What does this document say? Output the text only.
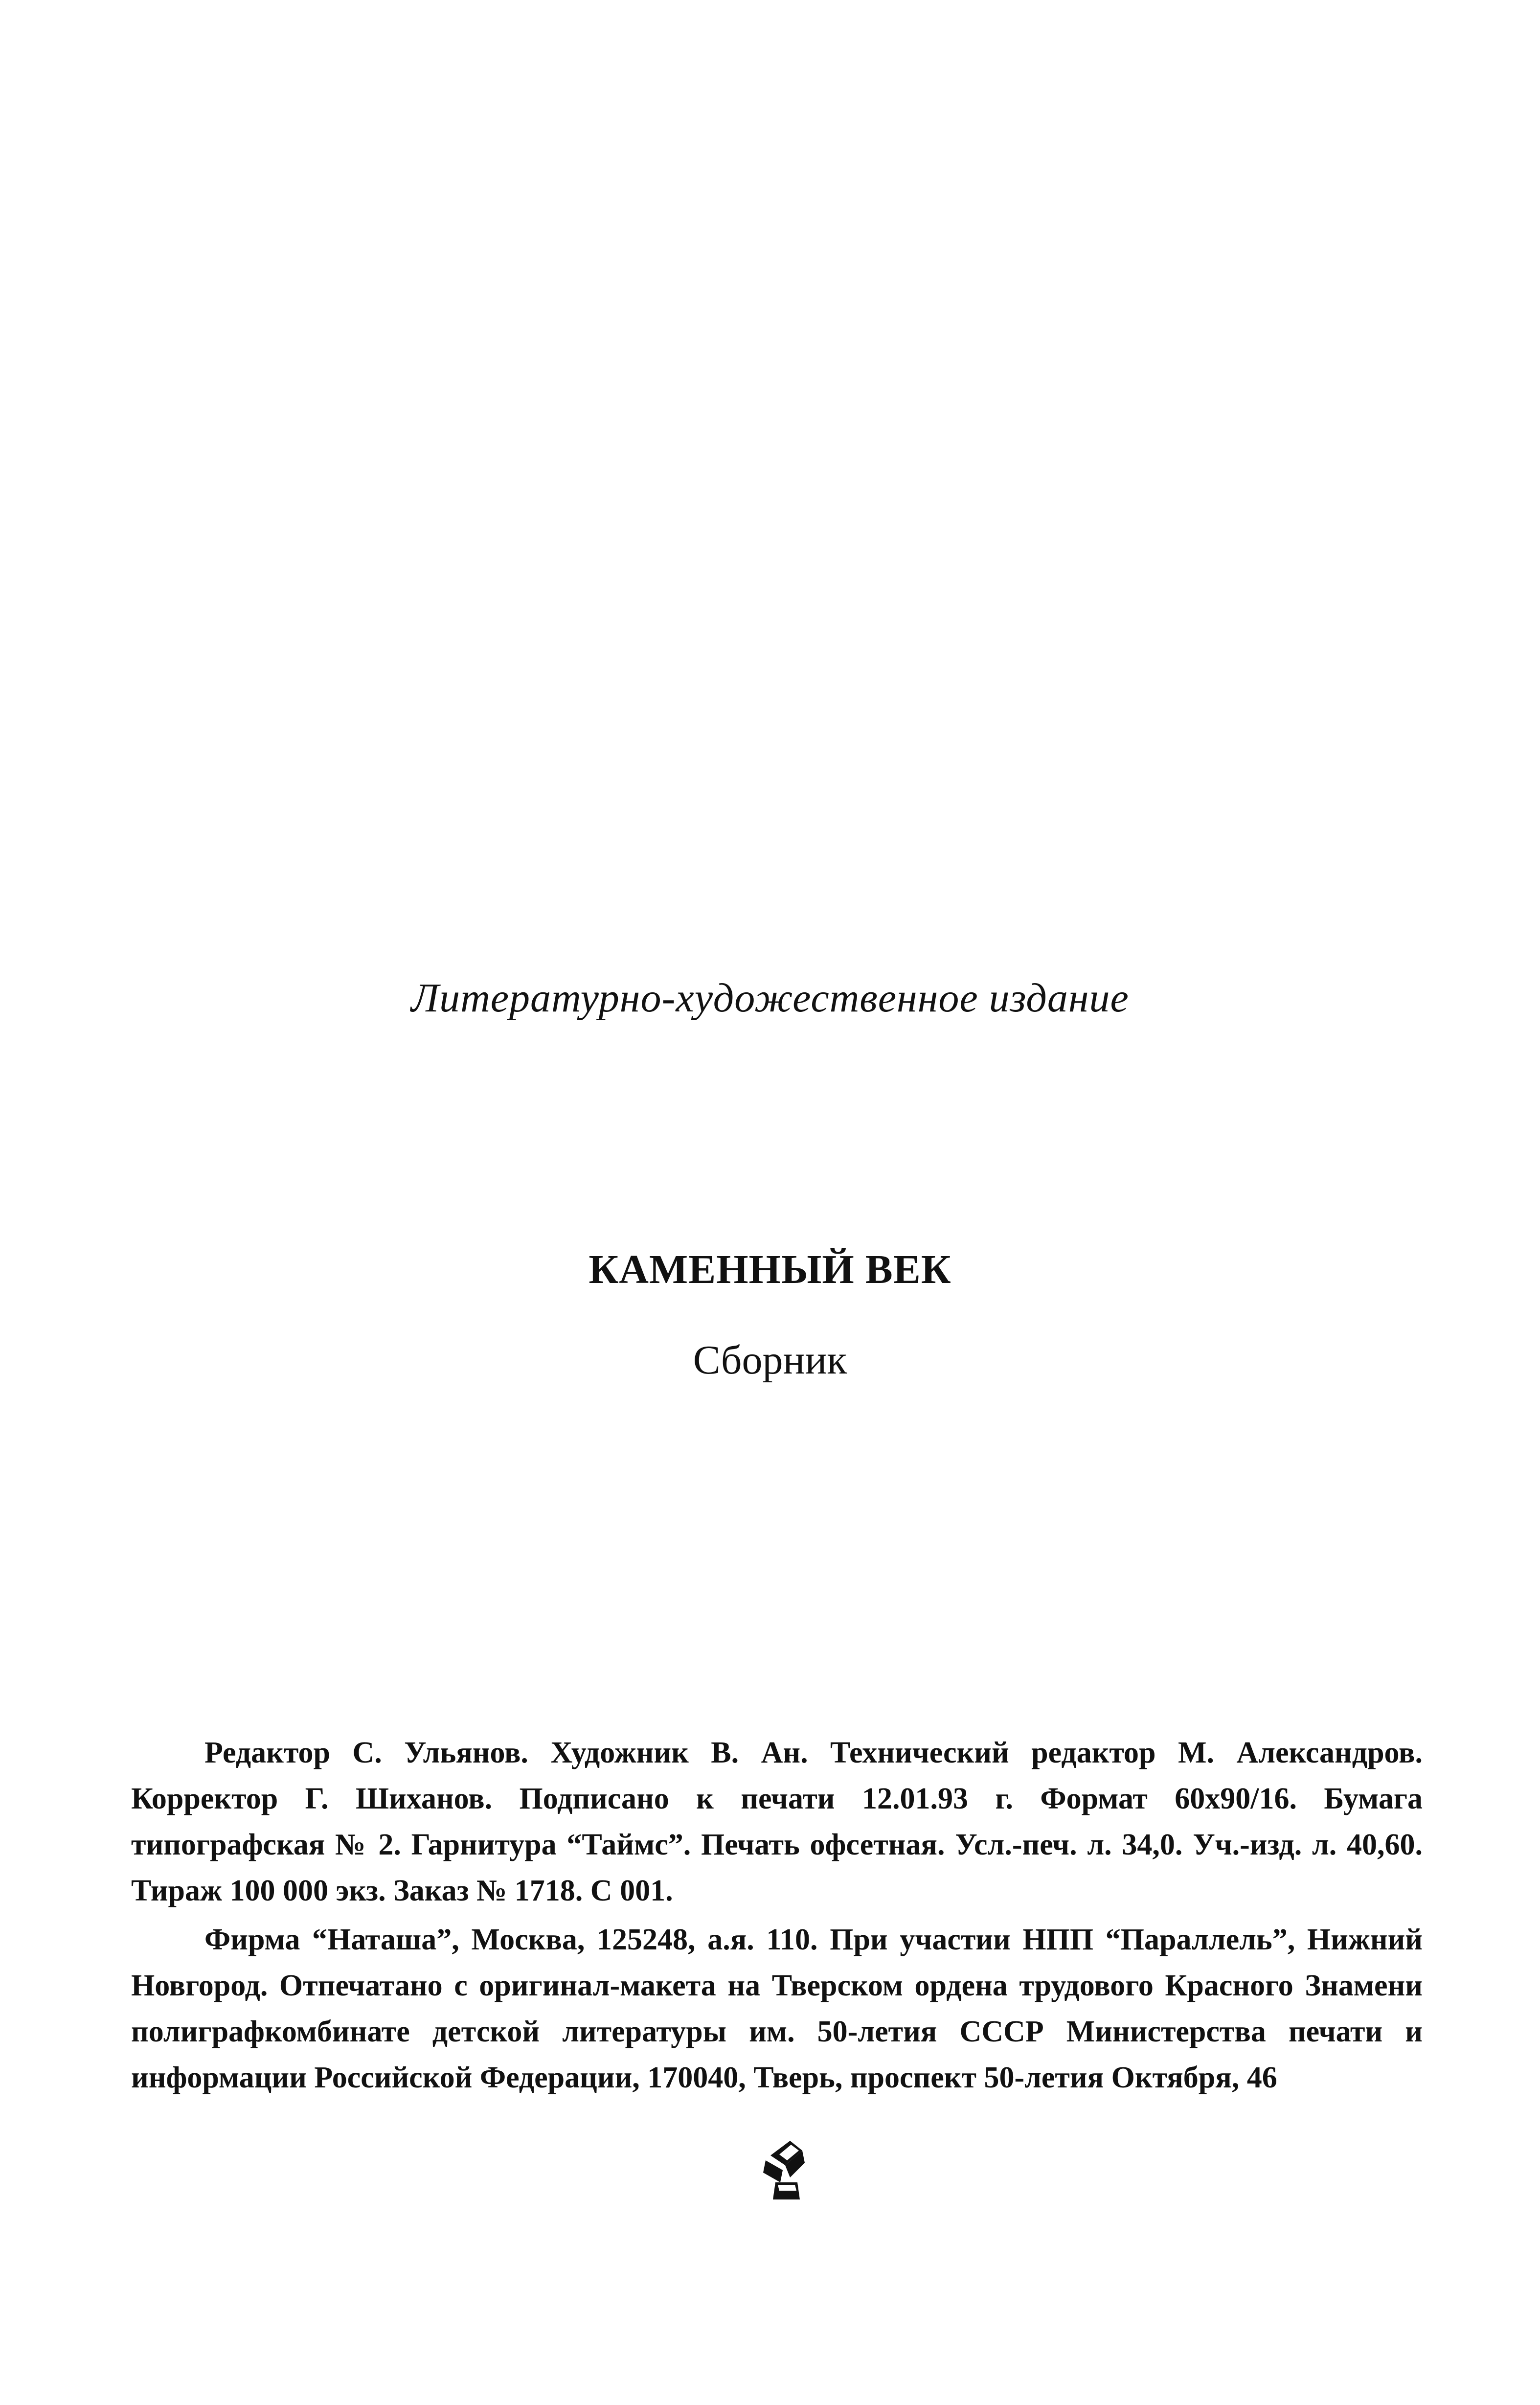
Литературно-художественное издание
КАМЕННЫЙ ВЕК
Сборник

Редактор С. Ульянов. Художник В. Ан. Технический редактор М. Александров. Корректор Г. Шиханов. Подписано к печати 12.01.93 г. Формат 60x90/16. Бумага типографская № 2. Гарнитура “Таймс”. Печать офсетная. Усл.-печ. л. 34,0. Уч.-изд. л. 40,60. Тираж 100 000 экз. Заказ № 1718. С 001.

Фирма “Наташа”, Москва, 125248, а.я. 110. При участии НПП “Параллель”, Нижний Новгород. Отпечатано с оригинал-макета на Тверском ордена трудового Красного Знамени полиграфкомбинате детской литературы им. 50-летия СССР Министерства печати и информации Российской Федерации, 170040, Тверь, проспект 50-летия Октября, 46
